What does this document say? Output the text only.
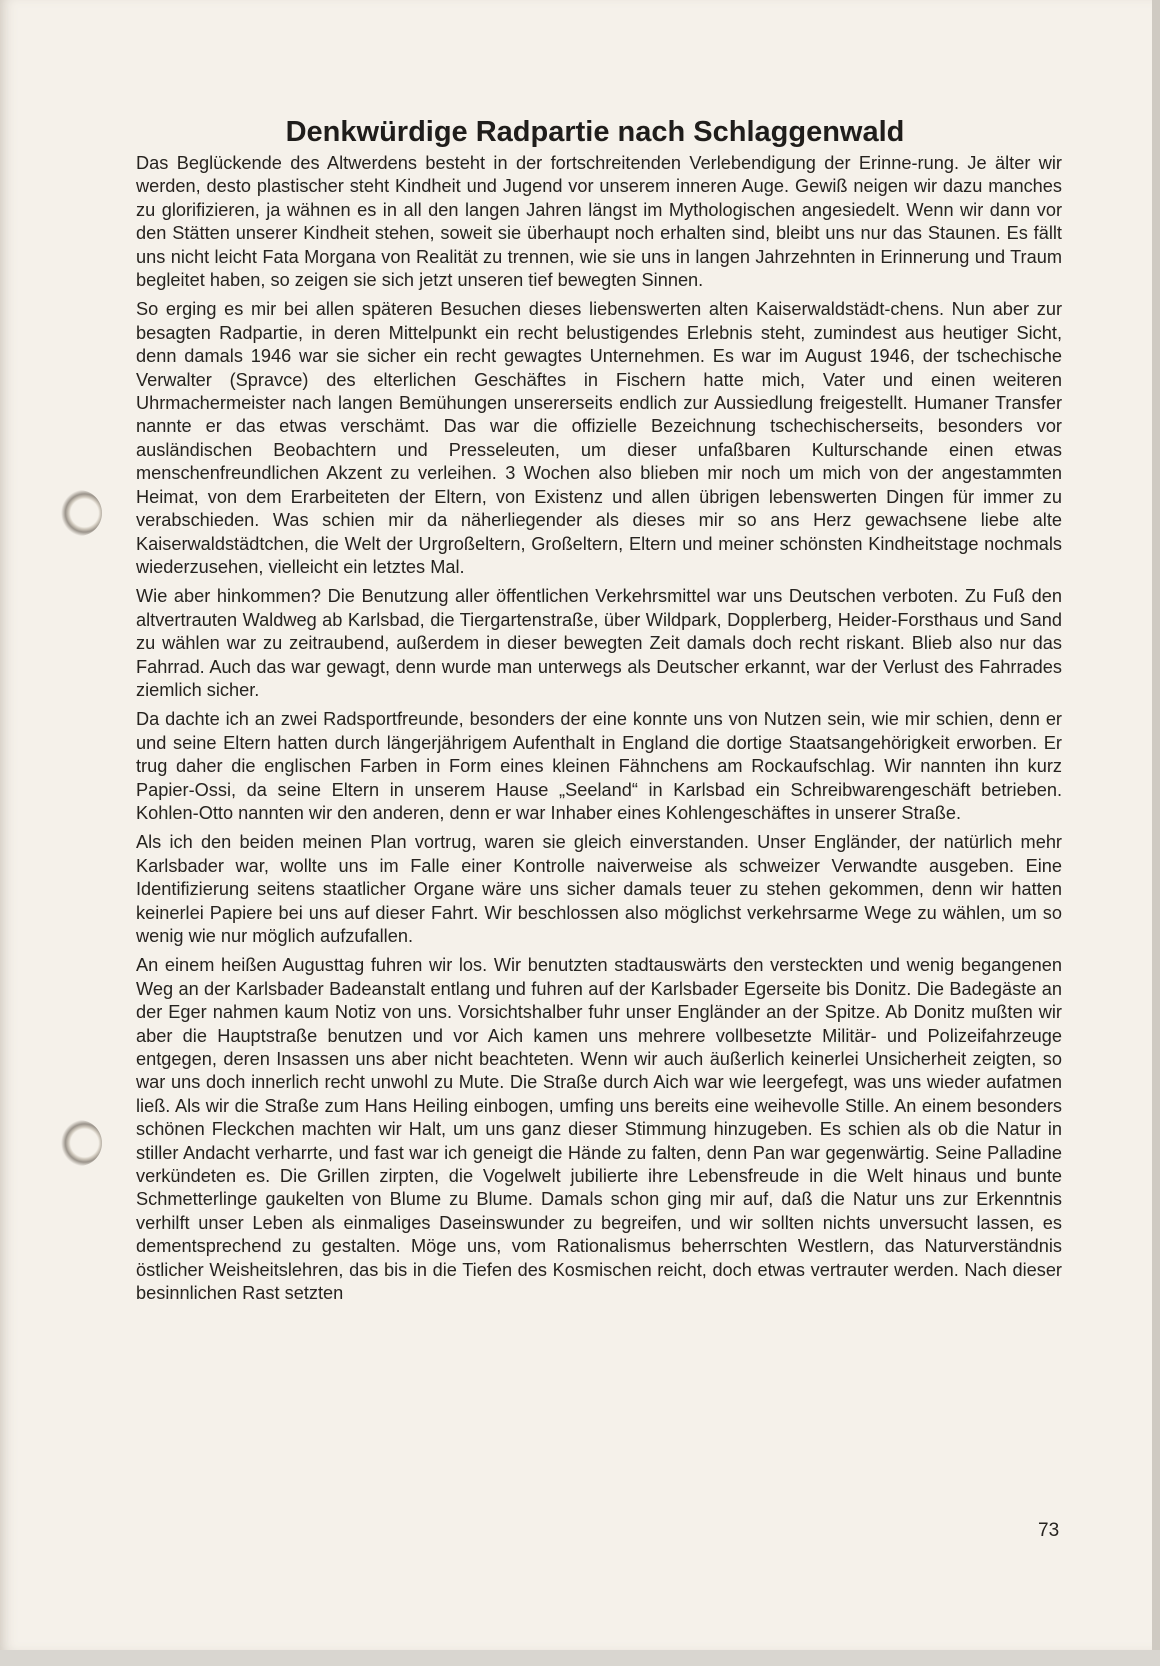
Denkwürdige Radpartie nach Schlaggenwald

Das Beglückende des Altwerdens besteht in der fortschreitenden Verlebendigung der Erinne-rung. Je älter wir werden, desto plastischer steht Kindheit und Jugend vor unserem inneren Auge. Gewiß neigen wir dazu manches zu glorifizieren, ja wähnen es in all den langen Jahren längst im Mythologischen angesiedelt. Wenn wir dann vor den Stätten unserer Kindheit stehen, soweit sie überhaupt noch erhalten sind, bleibt uns nur das Staunen. Es fällt uns nicht leicht Fata Morgana von Realität zu trennen, wie sie uns in langen Jahrzehnten in Erinnerung und Traum begleitet haben, so zeigen sie sich jetzt unseren tief bewegten Sinnen.

So erging es mir bei allen späteren Besuchen dieses liebenswerten alten Kaiserwaldstädt-chens. Nun aber zur besagten Radpartie, in deren Mittelpunkt ein recht belustigendes Erlebnis steht, zumindest aus heutiger Sicht, denn damals 1946 war sie sicher ein recht gewagtes Unternehmen. Es war im August 1946, der tschechische Verwalter (Spravce) des elterlichen Geschäftes in Fischern hatte mich, Vater und einen weiteren Uhrmachermeister nach langen Bemühungen unsererseits endlich zur Aussiedlung freigestellt. Humaner Transfer nannte er das etwas verschämt. Das war die offizielle Bezeichnung tschechischerseits, besonders vor ausländischen Beobachtern und Presseleuten, um dieser unfaßbaren Kulturschande einen etwas menschenfreundlichen Akzent zu verleihen. 3 Wochen also blieben mir noch um mich von der angestammten Heimat, von dem Erarbeiteten der Eltern, von Existenz und allen übrigen lebenswerten Dingen für immer zu verabschieden. Was schien mir da näherliegender als dieses mir so ans Herz gewachsene liebe alte Kaiserwaldstädtchen, die Welt der Urgroßeltern, Großeltern, Eltern und meiner schönsten Kindheitstage nochmals wiederzusehen, vielleicht ein letztes Mal.

Wie aber hinkommen? Die Benutzung aller öffentlichen Verkehrsmittel war uns Deutschen verboten. Zu Fuß den altvertrauten Waldweg ab Karlsbad, die Tiergartenstraße, über Wildpark, Dopplerberg, Heider-Forsthaus und Sand zu wählen war zu zeitraubend, außerdem in dieser bewegten Zeit damals doch recht riskant. Blieb also nur das Fahrrad. Auch das war gewagt, denn wurde man unterwegs als Deutscher erkannt, war der Verlust des Fahrrades ziemlich sicher.

Da dachte ich an zwei Radsportfreunde, besonders der eine konnte uns von Nutzen sein, wie mir schien, denn er und seine Eltern hatten durch längerjährigem Aufenthalt in England die dortige Staatsangehörigkeit erworben. Er trug daher die englischen Farben in Form eines kleinen Fähnchens am Rockaufschlag. Wir nannten ihn kurz Papier-Ossi, da seine Eltern in unserem Hause „Seeland“ in Karlsbad ein Schreibwarengeschäft betrieben. Kohlen-Otto nannten wir den anderen, denn er war Inhaber eines Kohlengeschäftes in unserer Straße.

Als ich den beiden meinen Plan vortrug, waren sie gleich einverstanden. Unser Engländer, der natürlich mehr Karlsbader war, wollte uns im Falle einer Kontrolle naiverweise als schweizer Verwandte ausgeben. Eine Identifizierung seitens staatlicher Organe wäre uns sicher damals teuer zu stehen gekommen, denn wir hatten keinerlei Papiere bei uns auf dieser Fahrt. Wir beschlossen also möglichst verkehrsarme Wege zu wählen, um so wenig wie nur möglich aufzufallen.

An einem heißen Augusttag fuhren wir los. Wir benutzten stadtauswärts den versteckten und wenig begangenen Weg an der Karlsbader Badeanstalt entlang und fuhren auf der Karlsbader Egerseite bis Donitz. Die Badegäste an der Eger nahmen kaum Notiz von uns. Vorsichtshalber fuhr unser Engländer an der Spitze. Ab Donitz mußten wir aber die Hauptstraße benutzen und vor Aich kamen uns mehrere vollbesetzte Militär- und Polizeifahrzeuge entgegen, deren Insassen uns aber nicht beachteten. Wenn wir auch äußerlich keinerlei Unsicherheit zeigten, so war uns doch innerlich recht unwohl zu Mute. Die Straße durch Aich war wie leergefegt, was uns wieder aufatmen ließ. Als wir die Straße zum Hans Heiling einbogen, umfing uns bereits eine weihevolle Stille. An einem besonders schönen Fleckchen machten wir Halt, um uns ganz dieser Stimmung hinzugeben. Es schien als ob die Natur in stiller Andacht verharrte, und fast war ich geneigt die Hände zu falten, denn Pan war gegenwärtig. Seine Palladine verkündeten es. Die Grillen zirpten, die Vogelwelt jubilierte ihre Lebensfreude in die Welt hinaus und bunte Schmetterlinge gaukelten von Blume zu Blume. Damals schon ging mir auf, daß die Natur uns zur Erkenntnis verhilft unser Leben als einmaliges Daseinswunder zu begreifen, und wir sollten nichts unversucht lassen, es dementsprechend zu gestalten. Möge uns, vom Rationalismus beherrschten Westlern, das Naturverständnis östlicher Weisheitslehren, das bis in die Tiefen des Kosmischen reicht, doch etwas vertrauter werden. Nach dieser besinnlichen Rast setzten

73
